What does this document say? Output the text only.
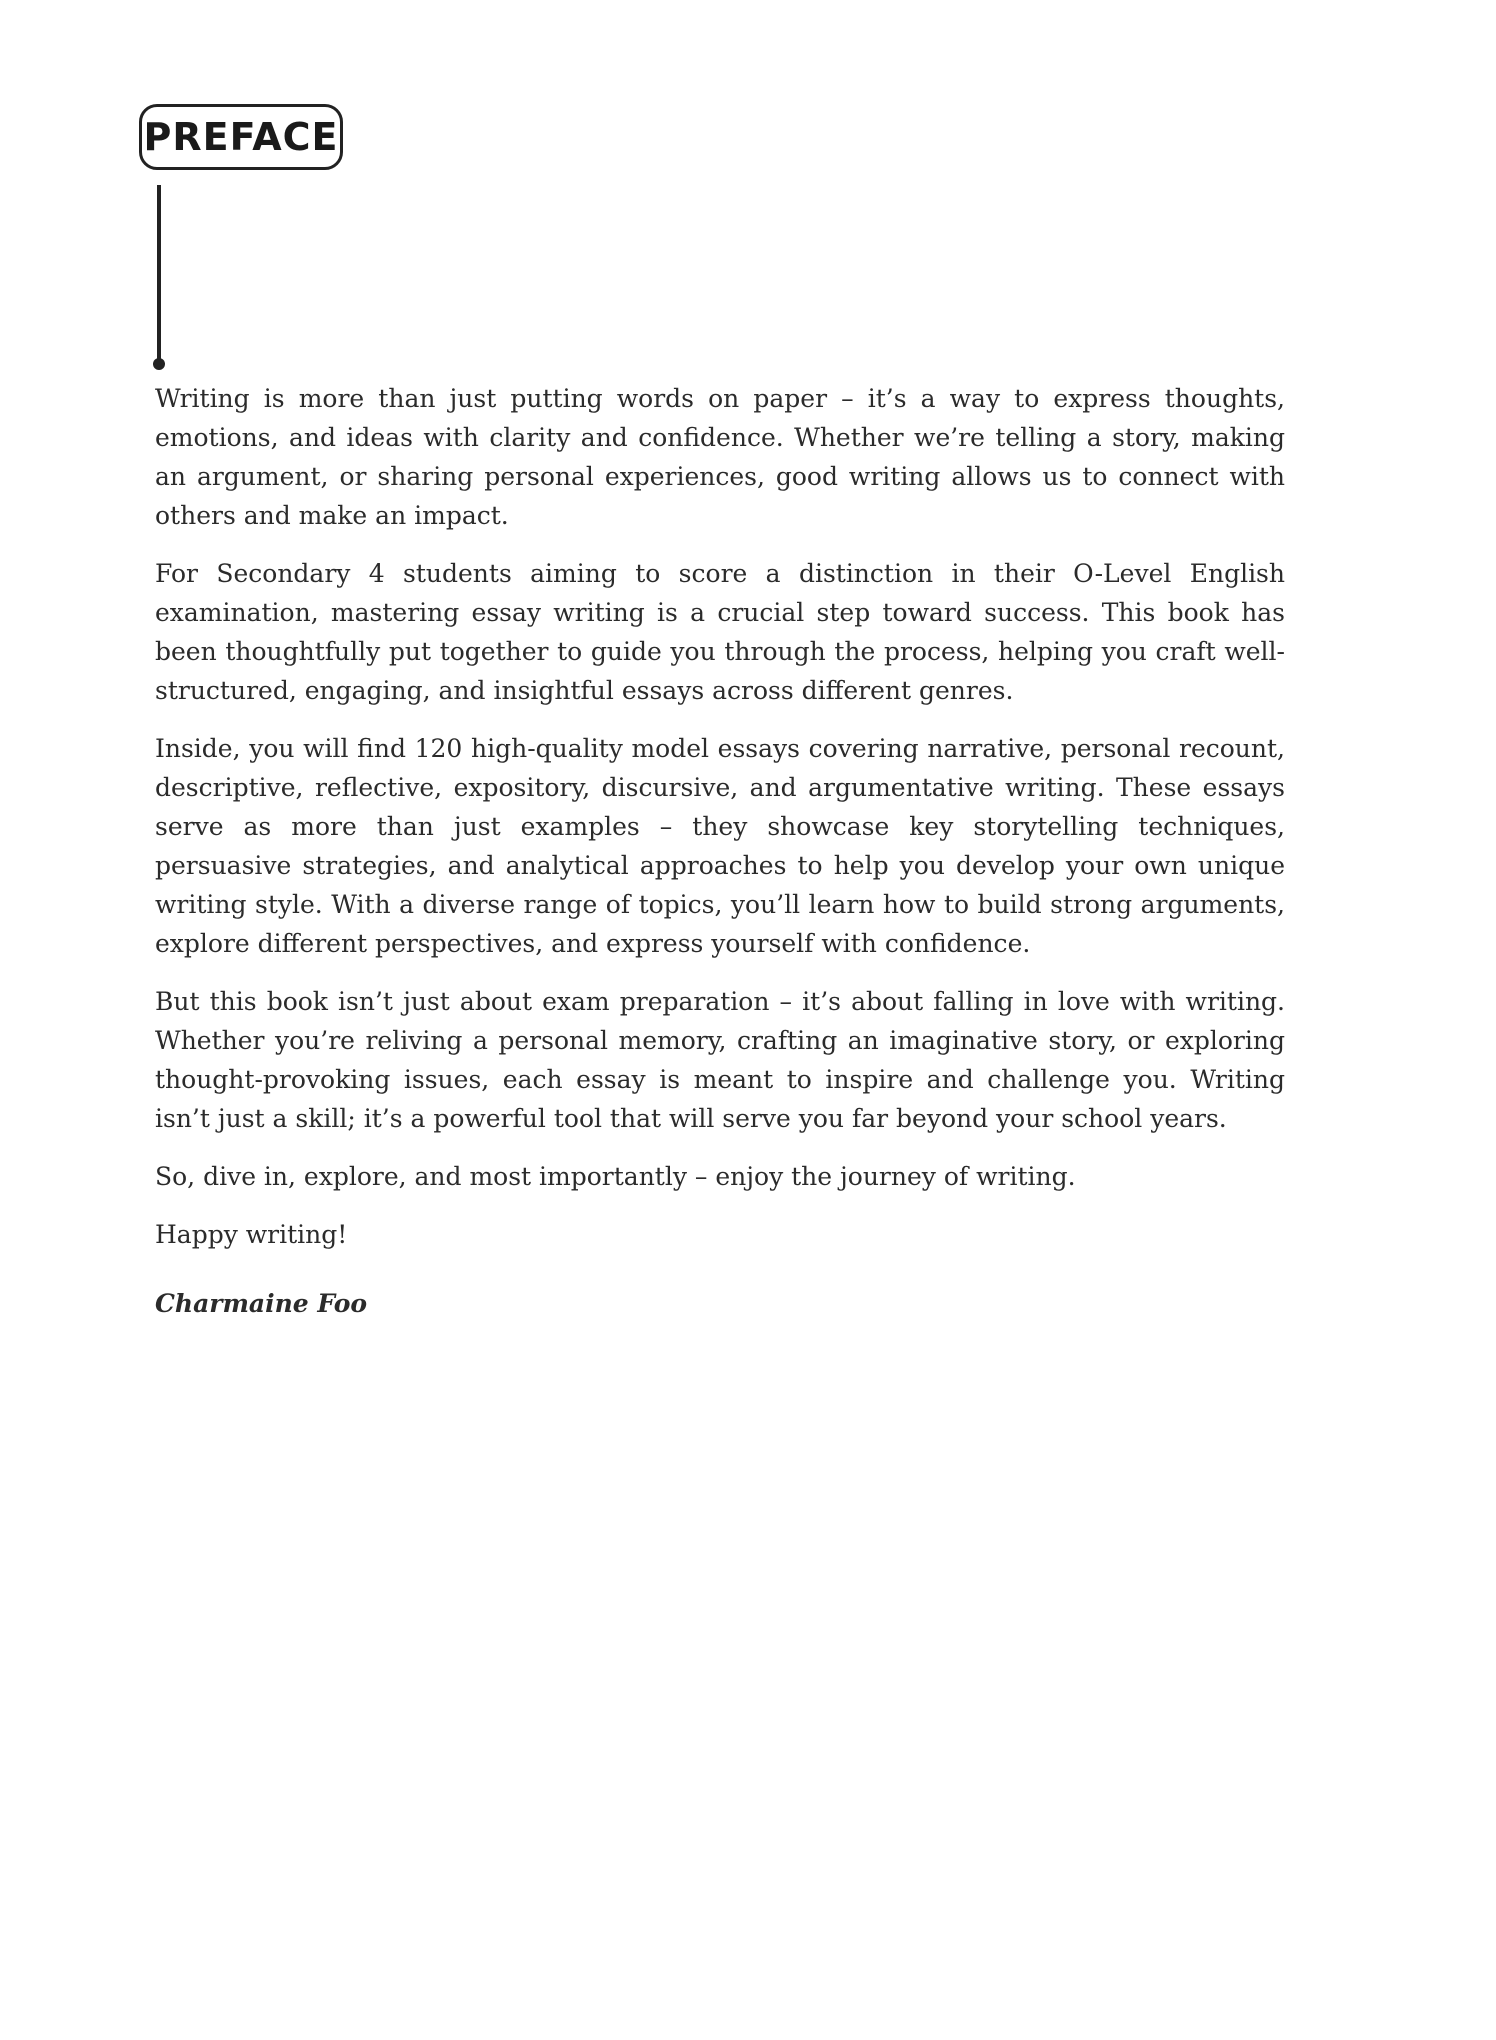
PREFACE

Writing is more than just putting words on paper – it’s a way to express thoughts, emotions, and ideas with clarity and confidence. Whether we’re telling a story, making an argument, or sharing personal experiences, good writing allows us to connect with others and make an impact.

For Secondary 4 students aiming to score a distinction in their O-Level English examination, mastering essay writing is a crucial step toward success. This book has been thoughtfully put together to guide you through the process, helping you craft well-structured, engaging, and insightful essays across different genres.

Inside, you will find 120 high-quality model essays covering narrative, personal recount, descriptive, reflective, expository, discursive, and argumentative writing. These essays serve as more than just examples – they showcase key storytelling techniques, persuasive strategies, and analytical approaches to help you develop your own unique writing style. With a diverse range of topics, you’ll learn how to build strong arguments, explore different perspectives, and express yourself with confidence.

But this book isn’t just about exam preparation – it’s about falling in love with writing. Whether you’re reliving a personal memory, crafting an imaginative story, or exploring thought-provoking issues, each essay is meant to inspire and challenge you. Writing isn’t just a skill; it’s a powerful tool that will serve you far beyond your school years.

So, dive in, explore, and most importantly – enjoy the journey of writing.

Happy writing!

Charmaine Foo
